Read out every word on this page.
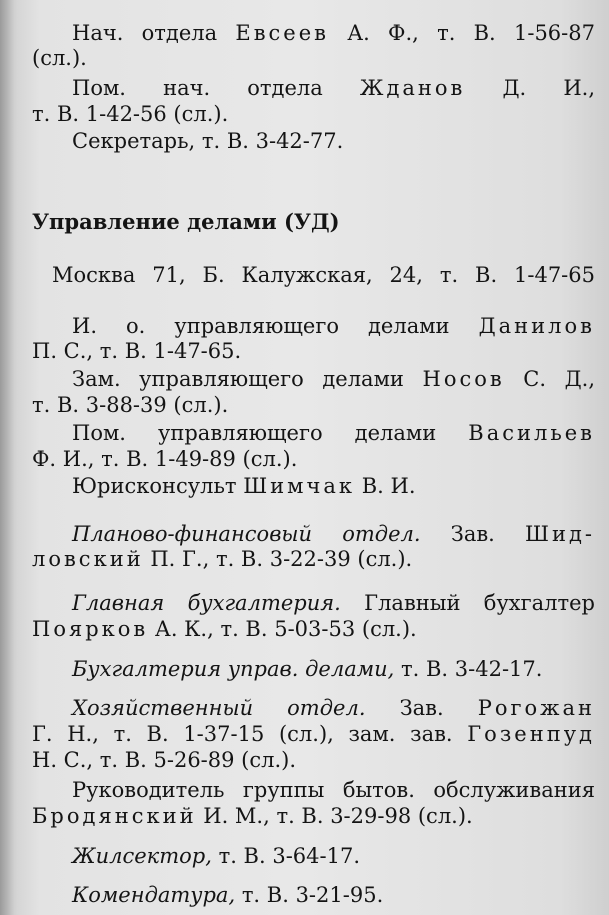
Нач. отдела Евсеев А. Ф., т. В. 1-56-87
(сл.).
Пом. нач. отдела Жданов Д. И.,
т. В. 1-42-56 (сл.).
Секретарь, т. В. 3-42-77.
Управление делами (УД)
Москва 71, Б. Калужская, 24, т. В. 1-47-65
И. о. управляющего делами Данилов
П. С., т. В. 1-47-65.
Зам. управляющего делами Носов С. Д.,
т. В. 3-88-39 (сл.).
Пом. управляющего делами Васильев
Ф. И., т. В. 1-49-89 (сл.).
Юрисконсульт Шимчак В. И.
Планово-финансовый отдел. Зав. Шид-
ловский П. Г., т. В. 3-22-39 (сл.).
Главная бухгалтерия. Главный бухгалтер
Поярков А. К., т. В. 5-03-53 (сл.).
Бухгалтерия управ. делами, т. В. 3-42-17.
Хозяйственный отдел. Зав. Рогожан
Г. Н., т. В. 1-37-15 (сл.), зам. зав. Гозенпуд
Н. С., т. В. 5-26-89 (сл.).
Руководитель группы бытов. обслуживания
Бродянский И. М., т. В. 3-29-98 (сл.).
Жилсектор, т. В. 3-64-17.
Комендатура, т. В. 3-21-95.
